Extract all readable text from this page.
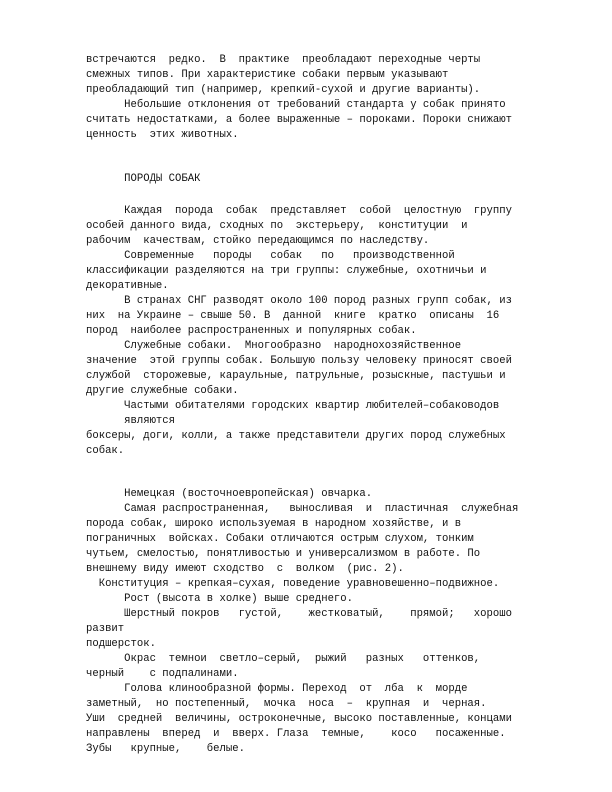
встречаются  редко.  В  практике  преобладают переходные черты

смежных типов. При характеристике собаки первым указывают

преобладающий тип (например, крепкий-сухой и другие варианты).

Небольшие отклонения от требований стандарта у собак принято

считать недостатками, а более выраженные – пороками. Пороки снижают

ценность  этих животных.

ПОРОДЫ СОБАК

Каждая  порода  собак  представляет  собой  целостную  группу

особей данного вида, сходных по  экстерьеру,  конституции  и

рабочим  качествам, стойко передающимся по наследству.

Современные   породы   собак   по   производственной

классификации разделяются на три группы: служебные, охотничьи и

декоративные.

В странах СНГ разводят около 100 пород разных групп собак, из

них  на Украине – свыше 50. В  данной  книге  кратко  описаны  16

пород  наиболее распространенных и популярных собак.

Служебные собаки.  Многообразно  народнохозяйственное

значение  этой группы собак. Большую пользу человеку приносят своей

службой  сторожевые, караульные, патрульные, розыскные, пастушьи и

другие служебные собаки.

Частыми обитателями городских квартир любителей–собаководов

являются

боксеры, доги, колли, а также представители других пород служебных

собак.

Немецкая (восточноевропейская) овчарка.

Самая распространенная,   выносливая  и  пластичная  служебная

порода собак, широко используемая в народном хозяйстве, и в

пограничных  войсках. Собаки отличаются острым слухом, тонким

чутьем, смелостью, понятливостью и универсализмом в работе. По

внешнему виду имеют сходство  с  волком  (рис. 2).

Конституция – крепкая–сухая, поведение уравновешенно–подвижное.

Рост (высота в холке) выше среднего.

Шерстный покров   густой,    жестковатый,    прямой;   хорошо

развит

подшерсток.

Окрас  темнои  светло–серый,  рыжий   разных   оттенков,

черный    с подпалинами.

Голова клинообразной формы. Переход  от  лба  к  морде

заметный,  но постепенный,  мочка  носа  –  крупная  и  черная.

Уши  средней  величины, остроконечные, высоко поставленные, концами

направлены  вперед  и  вверх. Глаза  темные,    косо   посаженные.

Зубы   крупные,    белые.
